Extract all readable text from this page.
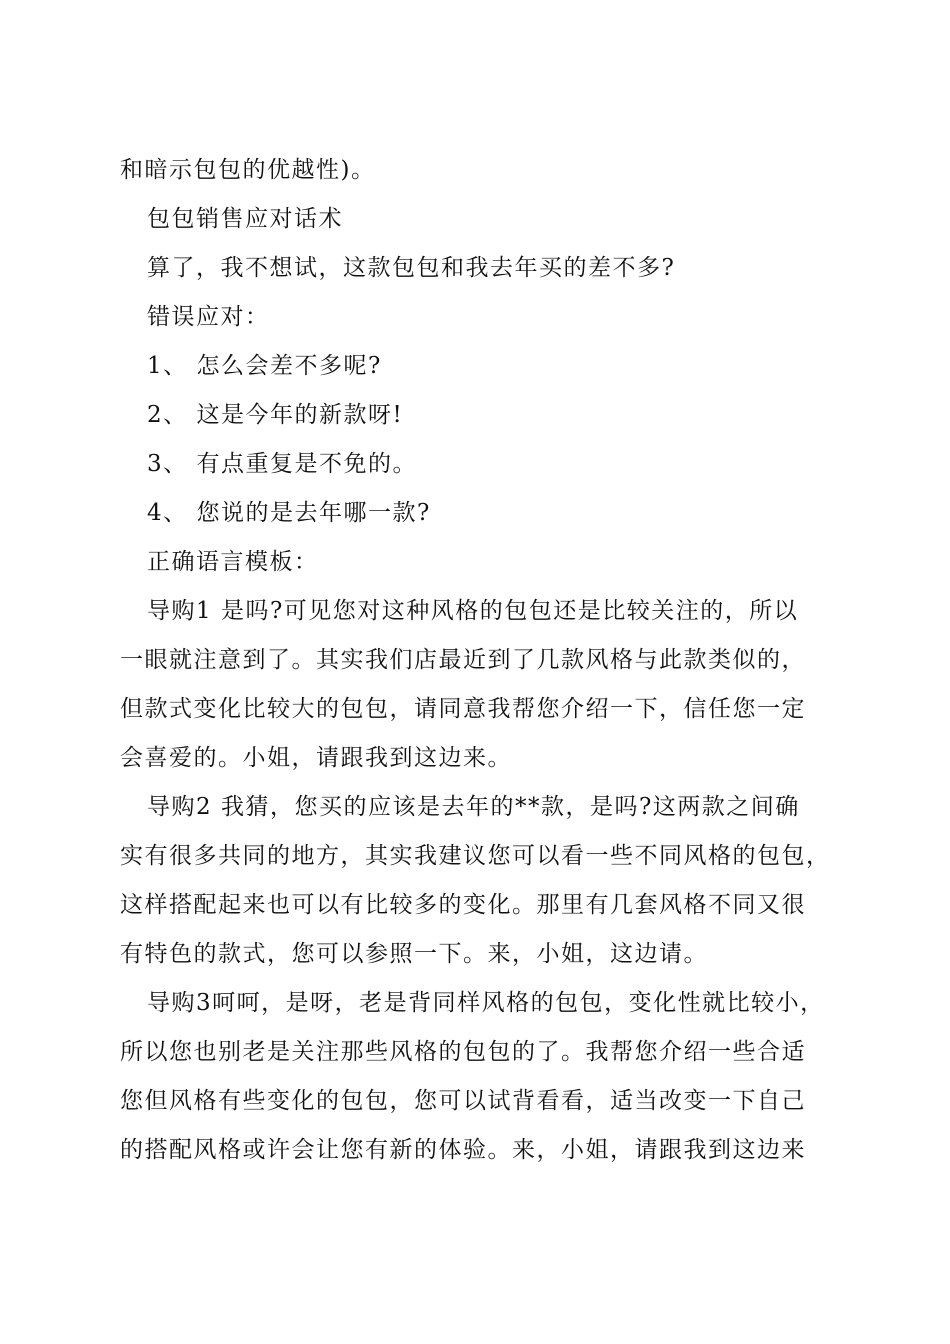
和暗示包包的优越性)。
包包销售应对话术
算了，我不想试，这款包包和我去年买的差不多?
错误应对：
1、 怎么会差不多呢?
2、 这是今年的新款呀!
3、 有点重复是不免的。
4、 您说的是去年哪一款?
正确语言模板：
导购1 是吗?可见您对这种风格的包包还是比较关注的，所以
一眼就注意到了。其实我们店最近到了几款风格与此款类似的，
但款式变化比较大的包包，请同意我帮您介绍一下，信任您一定
会喜爱的。小姐，请跟我到这边来。
导购2 我猜，您买的应该是去年的**款，是吗?这两款之间确
实有很多共同的地方，其实我建议您可以看一些不同风格的包包，
这样搭配起来也可以有比较多的变化。那里有几套风格不同又很
有特色的款式，您可以参照一下。来，小姐，这边请。
导购3呵呵，是呀，老是背同样风格的包包，变化性就比较小，
所以您也别老是关注那些风格的包包的了。我帮您介绍一些合适
您但风格有些变化的包包，您可以试背看看，适当改变一下自己
的搭配风格或许会让您有新的体验。来，小姐，请跟我到这边来
